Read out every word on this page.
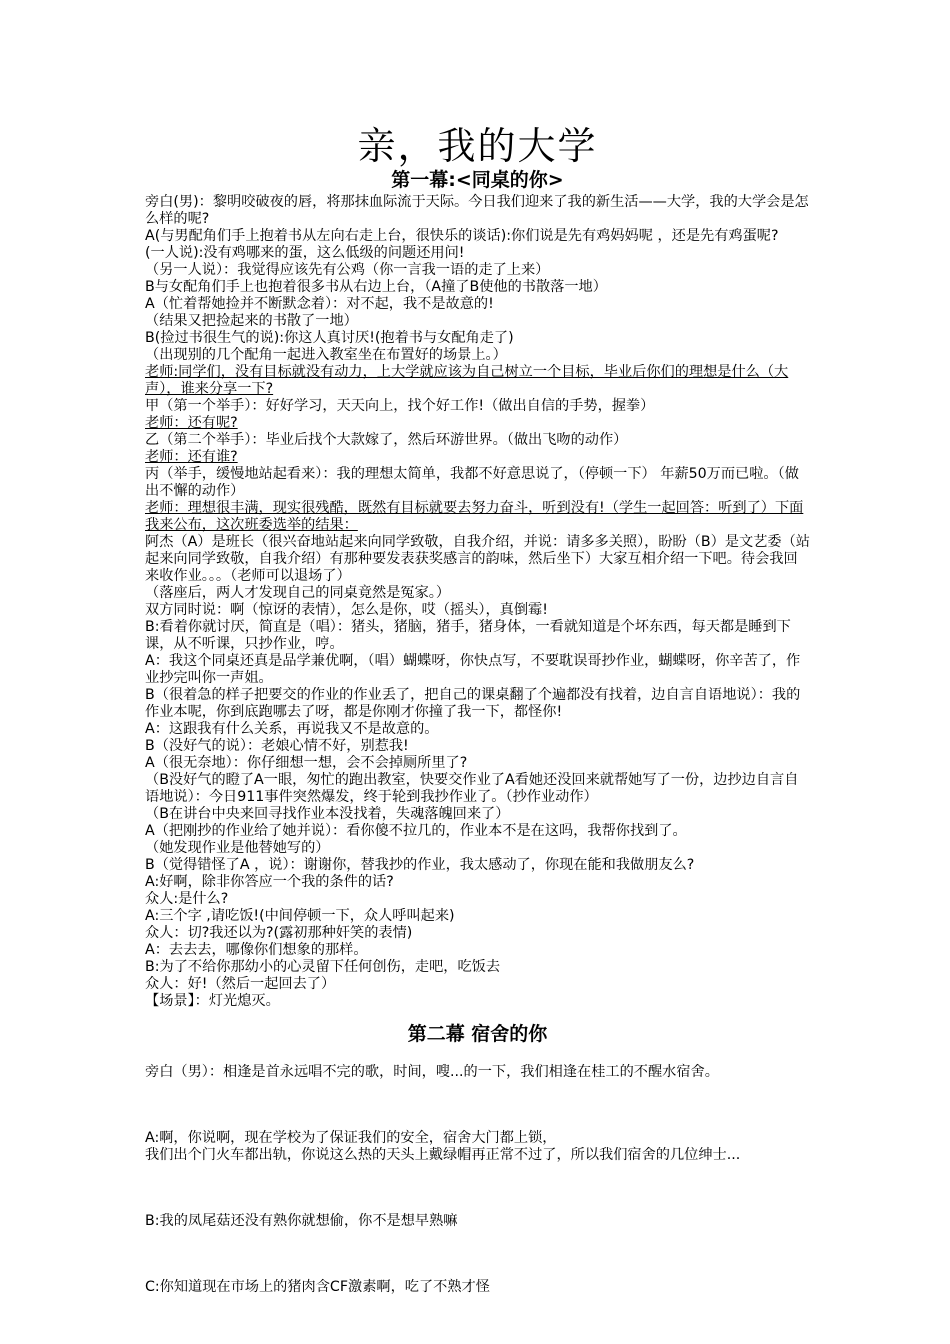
亲，我的大学
第一幕:<同桌的你>

旁白(男)：黎明咬破夜的唇，将那抹血际流于天际。今日我们迎来了我的新生活——大学，我的大学会是怎么样的呢?

A(与男配角们手上抱着书从左向右走上台，很快乐的谈话):你们说是先有鸡妈妈呢 ，还是先有鸡蛋呢?

(一人说):没有鸡哪来的蛋，这么低级的问题还用问!

（另一人说）：我觉得应该先有公鸡（你一言我一语的走了上来）

B与女配角们手上也抱着很多书从右边上台，（A撞了B使他的书散落一地）

A（忙着帮她捡并不断默念着）：对不起，我不是故意的!

（结果又把捡起来的书散了一地）

B(捡过书很生气的说):你这人真讨厌!(抱着书与女配角走了)

（出现别的几个配角一起进入教室坐在布置好的场景上。）

老师:同学们，没有目标就没有动力，上大学就应该为自己树立一个目标，毕业后你们的理想是什么（大声），谁来分享一下?

甲（第一个举手）：好好学习，天天向上，找个好工作!（做出自信的手势，握拳）

老师：还有呢?

乙（第二个举手）：毕业后找个大款嫁了，然后环游世界。（做出飞吻的动作）

老师：还有谁?

丙（举手，缓慢地站起看来）：我的理想太简单，我都不好意思说了，（停顿一下） 年薪50万而已啦。（做出不懈的动作）

老师：理想很丰满，现实很残酷，既然有目标就要去努力奋斗，听到没有!（学生一起回答：听到了）下面我来公布，这次班委选举的结果：

阿杰（A）是班长（很兴奋地站起来向同学致敬，自我介绍，并说：请多多关照），盼盼（B）是文艺委（站起来向同学致敬，自我介绍）有那种要发表获奖感言的韵味，然后坐下）大家互相介绍一下吧。待会我回来收作业。。。（老师可以退场了）

（落座后，两人才发现自己的同桌竟然是冤家。）

双方同时说：啊（惊讶的表情），怎么是你，哎（摇头），真倒霉!

B:看着你就讨厌，简直是（唱）：猪头，猪脑，猪手，猪身体，一看就知道是个坏东西，每天都是睡到下课，从不听课，只抄作业，哼。

A：我这个同桌还真是品学兼优啊，（唱）蝴蝶呀，你快点写，不要耽误哥抄作业，蝴蝶呀，你辛苦了，作业抄完叫你一声姐。

B（很着急的样子把要交的作业的作业丢了，把自己的课桌翻了个遍都没有找着，边自言自语地说）：我的作业本呢，你到底跑哪去了呀，都是你刚才你撞了我一下，都怪你!

A：这跟我有什么关系，再说我又不是故意的。

B（没好气的说）：老娘心情不好，别惹我!

A（很无奈地）：你仔细想一想，会不会掉厕所里了?

（B没好气的瞪了A一眼，匆忙的跑出教室，快要交作业了A看她还没回来就帮她写了一份，边抄边自言自语地说）：今日911事件突然爆发，终于轮到我抄作业了。（抄作业动作）

（B在讲台中央来回寻找作业本没找着，失魂落魄回来了）

A（把刚抄的作业给了她并说）：看你傻不拉几的，作业本不是在这吗，我帮你找到了。

（她发现作业是他替她写的）

B（觉得错怪了A ，说）：谢谢你，替我抄的作业，我太感动了，你现在能和我做朋友么?

A:好啊，除非你答应一个我的条件的话?

众人:是什么?

A:三个字 ,请吃饭!(中间停顿一下，众人呼叫起来)

众人：切?我还以为?(露初那种奸笑的表情)

A：去去去，哪像你们想象的那样。

B:为了不给你那幼小的心灵留下任何创伤，走吧，吃饭去

众人：好!（然后一起回去了）

【场景】：灯光熄灭。

第二幕 宿舍的你

旁白（男）：相逢是首永远唱不完的歌，时间，嗖...的一下，我们相逢在桂工的不醒水宿舍。

A:啊，你说啊，现在学校为了保证我们的安全，宿舍大门都上锁，

我们出个门火车都出轨，你说这么热的天头上戴绿帽再正常不过了，所以我们宿舍的几位绅士...

B:我的凤尾菇还没有熟你就想偷，你不是想早熟嘛

C:你知道现在市场上的猪肉含CF激素啊，吃了不熟才怪
